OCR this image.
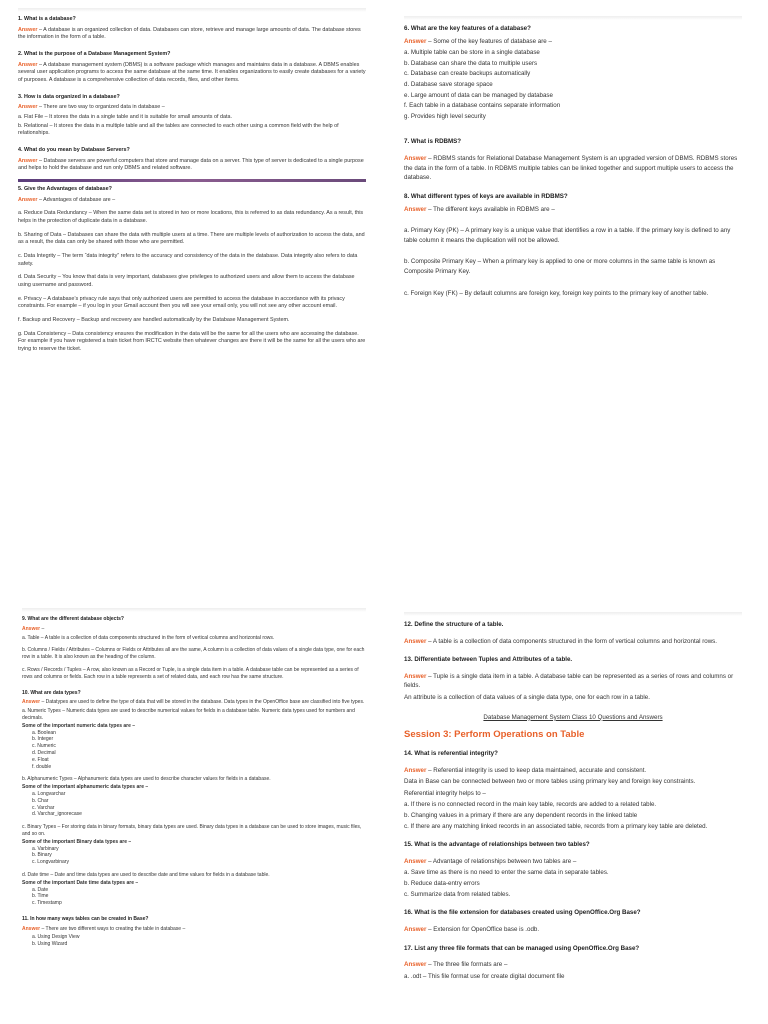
1. What is a database?

Answer – A database is an organized collection of data. Databases can store, retrieve and manage large amounts of data. The database stores the information in the form of a table.

2. What is the purpose of a Database Management System?

Answer – A database management system (DBMS) is a software package which manages and maintains data in a database. A DBMS enables several user application programs to access the same database at the same time. It enables organizations to easily create databases for a variety of purposes. A database is a comprehensive collection of data records, files, and other items.

3. How is data organized in a database?

Answer – There are two way to organized data in database –

a. Flat File – It stores the data in a single table and it is suitable for small amounts of data.

b. Relational – It stores the data in a multiple table and all the tables are connected to each other using a common field with the help of relationships.

4. What do you mean by Database Servers?

Answer – Database servers are powerful computers that store and manage data on a server. This type of server is dedicated to a single purpose and helps to hold the database and run only DBMS and related software.

5. Give the Advantages of database?

Answer – Advantages of database are –

a. Reduce Data Redundancy – When the same data set is stored in two or more locations, this is referred to as data redundancy. As a result, this helps in the protection of duplicate data in a database.

b. Sharing of Data – Databases can share the data with multiple users at a time. There are multiple levels of authorization to access the data, and as a result, the data can only be shared with those who are permitted.

c. Data Integrity – The term “data integrity” refers to the accuracy and consistency of the data in the database. Data integrity also refers to data safety.

d. Data Security – You know that data is very important, databases give privileges to authorized users and allow them to access the database using username and password.

e. Privacy – A database’s privacy rule says that only authorized users are permitted to access the database in accordance with its privacy constraints. For example – if you log in your Gmail account then you will see your email only, you will not see any other account email.

f. Backup and Recovery – Backup and recovery are handled automatically by the Database Management System.

g. Data Consistency – Data consistency ensures the modification in the data will be the same for all the users who are accessing the database. For example if you have registered a train ticket from IRCTC website then whatever changes are there it will be the same for all the users who are trying to reserve the ticket.

6. What are the key features of a database?

Answer – Some of the key features of database are –

a. Multiple table can be store in a single database

b. Database can share the data to multiple users

c. Database can create backups automatically

d. Database save storage space

e. Large amount of data can be managed by database

f. Each table in a database contains separate information

g. Provides high level security

7. What is RDBMS?

Answer – RDBMS stands for Relational Database Management System is an upgraded version of DBMS. RDBMS stores the data in the form of a table. In RDBMS multiple tables can be linked together and support multiple users to access the database.

8. What different types of keys are available in RDBMS?

Answer – The different keys available in RDBMS are –

a. Primary Key (PK) – A primary key is a unique value that identifies a row in a table. If the primary key is defined to any table column it means the duplication will not be allowed.

b. Composite Primary Key – When a primary key is applied to one or more columns in the same table is known as Composite Primary Key.

c. Foreign Key (FK) – By default columns are foreign key, foreign key points to the primary key of another table.

9. What are the different database objects?

Answer –

a. Table – A table is a collection of data components structured in the form of vertical columns and horizontal rows.

b. Columns / Fields / Attributes – Columns or Fields or Attributes all are the same, A column is a collection of data values of a single data type, one for each row in a table. It is also known as the heading of the column.

c. Rows / Records / Tuples – A row, also known as a Record or Tuple, is a single data item in a table. A database table can be represented as a series of rows and columns or fields. Each row in a table represents a set of related data, and each row has the same structure.

10. What are data types?

Answer – Datatypes are used to define the type of data that will be stored in the database. Data types in the OpenOffice base are classified into five types.

a. Numeric Types – Numeric data types are used to describe numerical values for fields in a database table. Numeric data types used for numbers and decimals.

Some of the important numeric data types are –

a. Boolean

b. Integer

c. Numeric

d. Decimal

e. Float

f. double

b. Alphanumeric Types – Alphanumeric data types are used to describe character values for fields in a database.

Some of the important alphanumeric data types are –

a. Longvarchar

b. Char

c. Varchar

d. Varchar_ignorecase

c. Binary Types – For storing data in binary formats, binary data types are used. Binary data types in a database can be used to store images, music files, and so on.

Some of the important Binary data types are –

a. Varbinary

b. Binary

c. Longvarbinary

d. Date time – Date and time data types are used to describe date and time values for fields in a database table.

Some of the important Date time data types are –

a. Date

b. Time

c. Timestamp

11. In how many ways tables can be created in Base?

Answer – There are two different ways to creating the table in database –

a. Using Design View

b. Using Wizard

12. Define the structure of a table.

Answer – A table is a collection of data components structured in the form of vertical columns and horizontal rows.

13. Differentiate between Tuples and Attributes of a table.

Answer – Tuple is a single data item in a table. A database table can be represented as a series of rows and columns or fields.

An attribute is a collection of data values of a single data type, one for each row in a table.

Database Management System Class 10 Questions and Answers
Session 3: Perform Operations on Table
14. What is referential integrity?

Answer – Referential integrity is used to keep data maintained, accurate and consistent.

Data in Base can be connected between two or more tables using primary key and foreign key constraints.

Referential integrity helps to –

a. If there is no connected record in the main key table, records are added to a related table.

b. Changing values in a primary if there are any dependent records in the linked table

c. If there are any matching linked records in an associated table, records from a primary key table are deleted.

15. What is the advantage of relationships between two tables?

Answer – Advantage of relationships between two tables are –

a. Save time as there is no need to enter the same data in separate tables.

b. Reduce data-entry errors

c. Summarize data from related tables.

16. What is the file extension for databases created using OpenOffice.Org Base?

Answer – Extension for OpenOffice base is .odb.

17. List any three file formats that can be managed using OpenOffice.Org Base?

Answer – The three file formats are –

a. .odt – This file format use for create digital document file
